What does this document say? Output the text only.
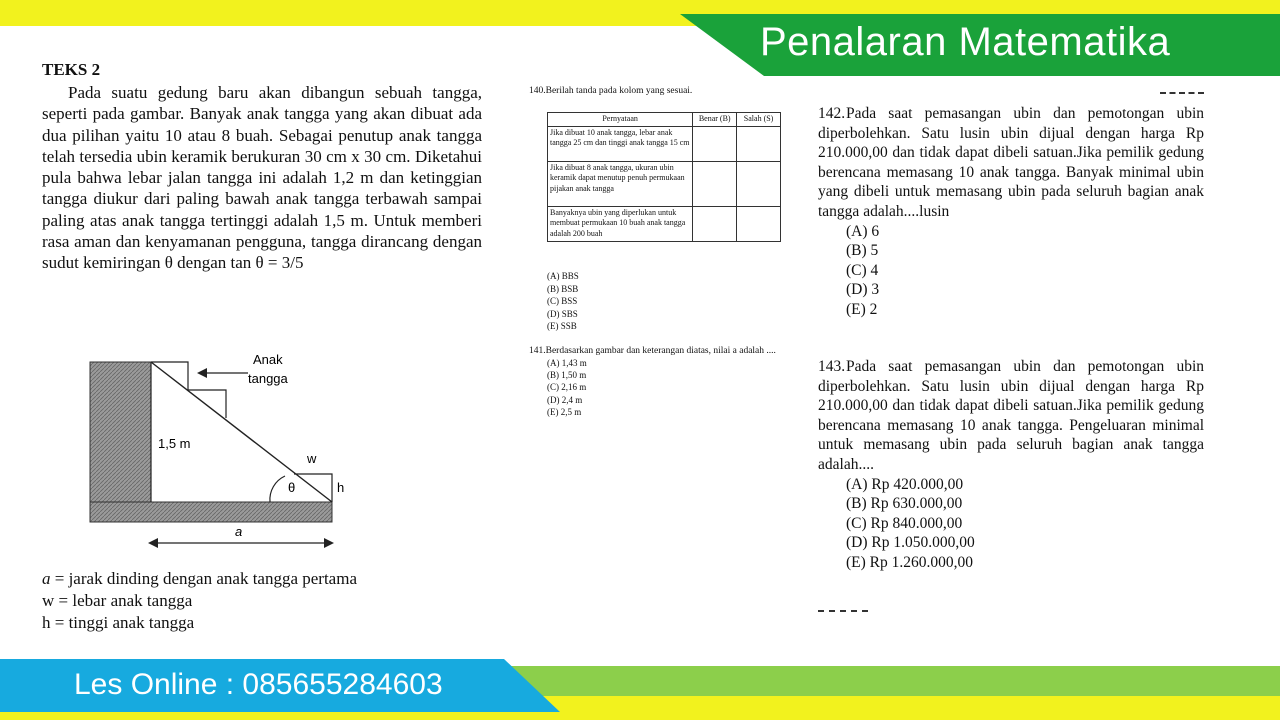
Penalaran Matematika
Les Online : 085655284603
TEKS 2

Pada suatu gedung baru akan dibangun sebuah tangga, seperti pada gambar. Banyak anak tangga yang akan dibuat ada dua pilihan yaitu 10 atau 8 buah. Sebagai penutup anak tangga telah tersedia ubin keramik berukuran 30 cm x 30 cm. Diketahui pula bahwa lebar jalan tangga ini adalah 1,2 m dan ketinggian tangga diukur dari paling bawah anak tangga terbawah sampai paling atas anak tangga tertinggi adalah 1,5 m. Untuk memberi rasa aman dan kenyamanan pengguna, tangga dirancang dengan sudut kemiringan θ dengan tan θ = 3/5

Anak
tangga
1,5 m
w
h
θ
a
a = jarak dinding dengan anak tangga pertama
w = lebar anak tangga
h = tinggi anak tangga
140.Berilah tanda pada kolom yang sesuai.
Pernyataan	Benar (B)	Salah (S)
Jika dibuat 10 anak tangga, lebar anak tangga 25 cm dan tinggi anak tangga 15 cm		
Jika dibuat 8 anak tangga, ukuran ubin keramik dapat menutup penuh permukaan pijakan anak tangga		
Banyaknya ubin yang diperlukan untuk membuat permukaan 10 buah anak tangga adalah 200 buah		
(A) BBS
(B) BSB
(C) BSS
(D) SBS
(E) SSB
141.Berdasarkan gambar dan keterangan diatas, nilai a adalah ....
(A) 1,43 m
(B) 1,50 m
(C) 2,16 m
(D) 2,4 m
(E) 2,5 m
142.Pada saat pemasangan ubin dan pemotongan ubin diperbolehkan. Satu lusin ubin dijual dengan harga Rp 210.000,00 dan tidak dapat dibeli satuan.Jika pemilik gedung berencana memasang 10 anak tangga. Banyak minimal ubin yang dibeli untuk memasang ubin pada seluruh bagian anak tangga adalah....lusin
(A) 6
(B) 5
(C) 4
(D) 3
(E) 2
143.Pada saat pemasangan ubin dan pemotongan ubin diperbolehkan. Satu lusin ubin dijual dengan harga Rp 210.000,00 dan tidak dapat dibeli satuan.Jika pemilik gedung berencana memasang 10 anak tangga. Pengeluaran minimal untuk memasang ubin pada seluruh bagian anak tangga adalah....
(A) Rp 420.000,00
(B) Rp 630.000,00
(C) Rp 840.000,00
(D) Rp 1.050.000,00
(E) Rp 1.260.000,00
